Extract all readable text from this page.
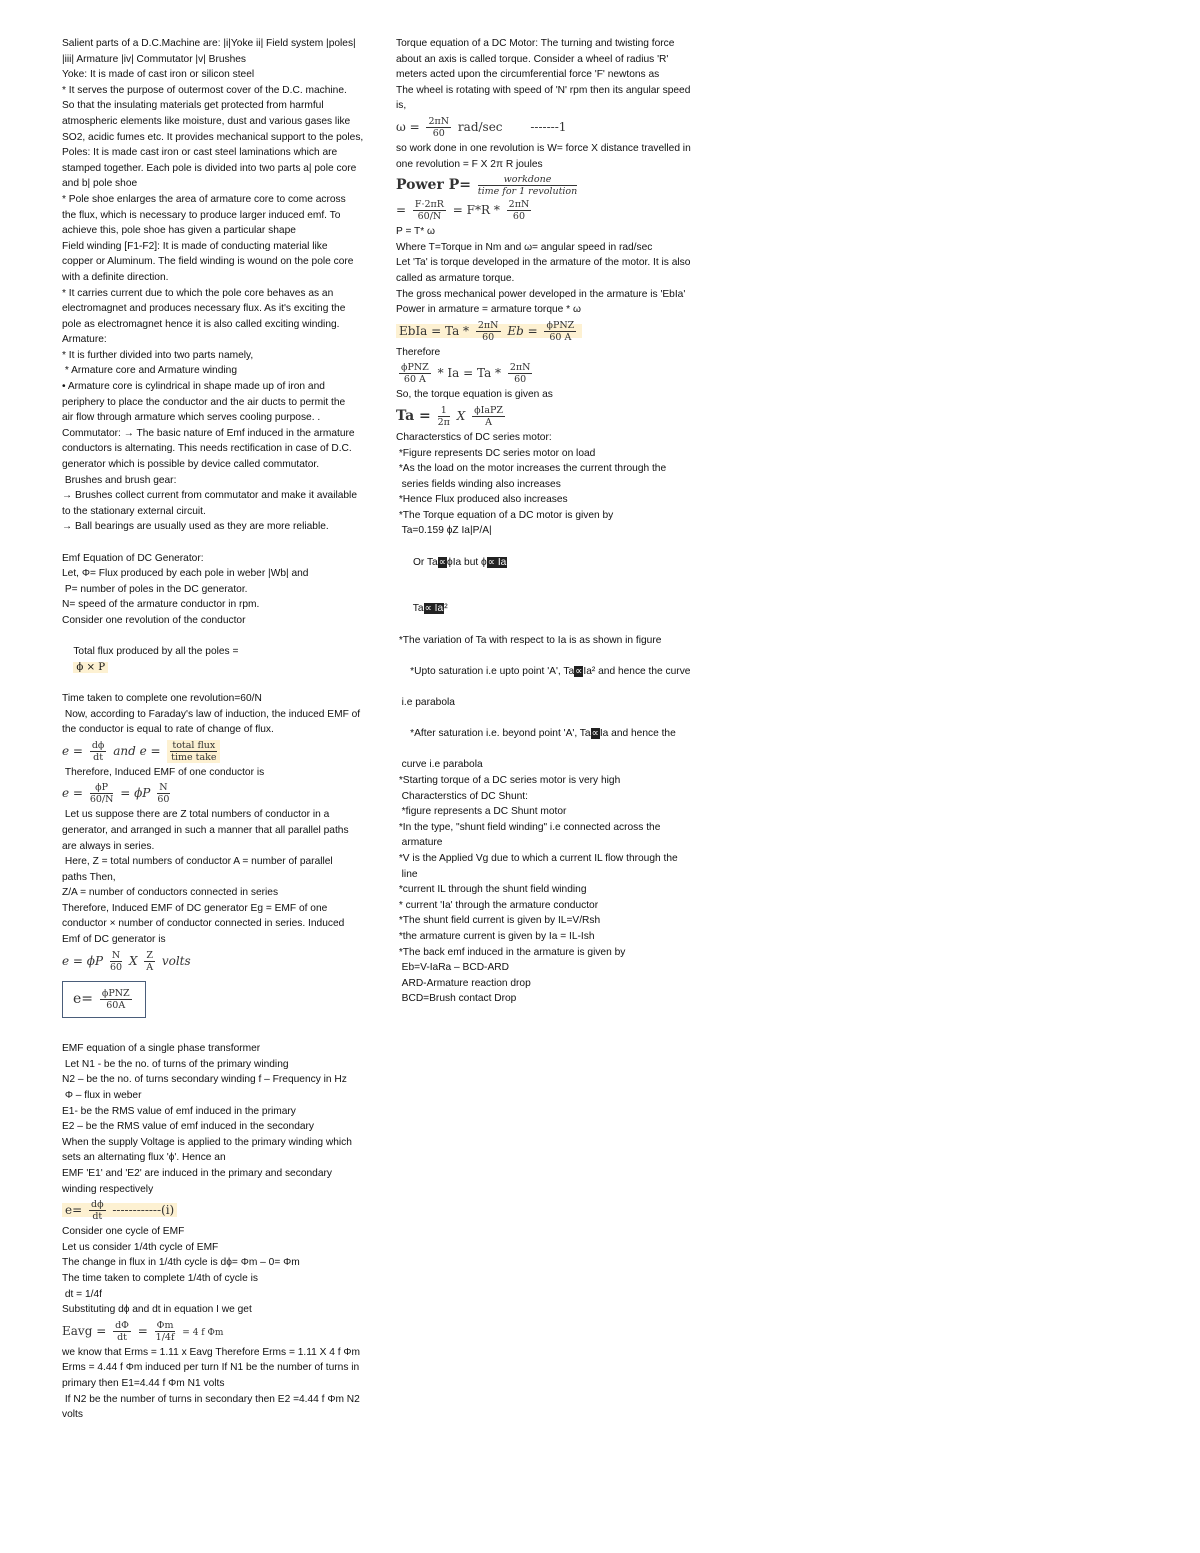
Salient parts of a D.C.Machine are: |i|Yoke ii| Field system |poles|
|iii| Armature |iv| Commutator |v| Brushes
Yoke: It is made of cast iron or silicon steel
* It serves the purpose of outermost cover of the D.C. machine.
So that the insulating materials get protected from harmful
atmospheric elements like moisture, dust and various gases like
SO2, acidic fumes etc. It provides mechanical support to the poles,
Poles: It is made cast iron or cast steel laminations which are
stamped together. Each pole is divided into two parts a| pole core
and b| pole shoe
* Pole shoe enlarges the area of armature core to come across
the flux, which is necessary to produce larger induced emf. To
achieve this, pole shoe has given a particular shape
Field winding [F1-F2]: It is made of conducting material like
copper or Aluminum. The field winding is wound on the pole core
with a definite direction.
* It carries current due to which the pole core behaves as an
electromagnet and produces necessary flux. As it's exciting the
pole as electromagnet hence it is also called exciting winding.
Armature:
* It is further divided into two parts namely,
* Armature core and Armature winding
• Armature core is cylindrical in shape made up of iron and
periphery to place the conductor and the air ducts to permit the
air flow through armature which serves cooling purpose. .
Commutator: → The basic nature of Emf induced in the armature
conductors is alternating. This needs rectification in case of D.C.
generator which is possible by device called commutator.
Brushes and brush gear:
→ Brushes collect current from commutator and make it available
to the stationary external circuit.
→ Ball bearings are usually used as they are more reliable.
Emf Equation of DC Generator:
Let, Φ= Flux produced by each pole in weber |Wb| and
P= number of poles in the DC generator.
N= speed of the armature conductor in rpm.
Consider one revolution of the conductor

Total flux produced by all the poles =
ϕ × P

Time taken to complete one revolution=60/N
Now, according to Faraday's law of induction, the induced EMF of
the conductor is equal to rate of change of flux.
$e = \frac{d\phi}{dt}$ and $e = \frac{\text{total flux}}{\text{time take}}$
Therefore, Induced EMF of one conductor is
$e = \frac{\phi P}{60/N} = \phi P \frac{N}{60}$
Let us suppose there are Z total numbers of conductor in a
generator, and arranged in such a manner that all parallel paths
are always in series.
Here, Z = total numbers of conductor A = number of parallel
paths Then,
Z/A = number of conductors connected in series
Therefore, Induced EMF of DC generator Eg = EMF of one
conductor × number of conductor connected in series. Induced
Emf of DC generator is
e = ϕP $\frac{N}{60}$ X $\frac{Z}{A}$ volts
$e= \frac{\text{ϕPNZ}}{60A}$
EMF equation of a single phase transformer
Let N1 - be the no. of turns of the primary winding
N2 – be the no. of turns secondary winding f – Frequency in Hz
Φ – flux in weber
E1- be the RMS value of emf induced in the primary
E2 – be the RMS value of emf induced in the secondary
When the supply Voltage is applied to the primary winding which
sets an alternating flux 'ϕ'. Hence an
EMF 'E1' and 'E2' are induced in the primary and secondary
winding respectively
$e= \frac{d\phi}{dt} ------------(i)$
Consider one cycle of EMF
Let us consider 1/4th cycle of EMF
The change in flux in 1/4th cycle is dϕ= Φm – 0= Φm
The time taken to complete 1/4th of cycle is
dt = 1/4f
Substituting dϕ and dt in equation I we get
Eavg = $\frac{d\Phi}{dt} = \frac{\Phi m}{1/4f} = 4$ f Φm
we know that Erms = 1.11 x Eavg Therefore Erms = 1.11 X 4 f Φm
Erms = 4.44 f Φm induced per turn If N1 be the number of turns in
primary then E1=4.44 f Φm N1 volts
If N2 be the number of turns in secondary then E2 =4.44 f Φm N2
volts
Torque equation of a DC Motor: The turning and twisting force
about an axis is called torque. Consider a wheel of radius 'R'
meters acted upon the circumferential force 'F' newtons as
The wheel is rotating with speed of 'N' rpm then its angular speed
is,
$\omega = \frac{2\pi N}{60} rad/\sec$ -------1
so work done in one revolution is W= force X distance travelled in
one revolution = F X 2π R joules
Power $P= \frac{\text{workdone}}{\text{time for 1 revolution}}$
= $\frac{F\cdot 2\pi R}{60/N} = F*R * \frac{2\pi N}{60}$
P = T* ω
Where T=Torque in Nm and ω= angular speed in rad/sec
Let 'Ta' is torque developed in the armature of the motor. It is also
called as armature torque.
The gross mechanical power developed in the armature is 'EbIa'
Power in armature = armature torque * ω
EbIa = Ta * $\frac{2\pi N}{60}$ $Eb = \frac{\text{ϕPNZ}}{60 A}$
Therefore
$\frac{\text{ϕPNZ}}{60 A} * Ia = Ta * \frac{2\pi N}{60}$
So, the torque equation is given as
$Ta = \frac{1}{2\pi}$ X $\frac{\text{ϕIaPZ}}{A}$
Characterstics of DC series motor:
*Figure represents DC series motor on load
*As the load on the motor increases the current through the
series fields winding also increases
*Hence Flux produced also increases
*The Torque equation of a DC motor is given by
Ta=0.159 ϕZ Ia|P/A|

Or Ta∝ϕIa but ϕ∝ Ia

Ta∝ Ia²

*The variation of Ta with respect to Ia is as shown in figure

*Upto saturation i.e upto point 'A', Ta∝Ia² and hence the curve

i.e parabola

*After saturation i.e. beyond point 'A', Ta∝Ia and hence the

curve i.e parabola
*Starting torque of a DC series motor is very high
Characterstics of DC Shunt:
*figure represents a DC Shunt motor
*In the type, "shunt field winding" i.e connected across the
armature
*V is the Applied Vg due to which a current IL flow through the
line
*current IL through the shunt field winding
* current 'Ia' through the armature conductor
*The shunt field current is given by IL=V/Rsh
*the armature current is given by Ia = IL-Ish
*The back emf induced in the armature is given by
Eb=V-IaRa – BCD-ARD
ARD-Armature reaction drop
BCD=Brush contact Drop
